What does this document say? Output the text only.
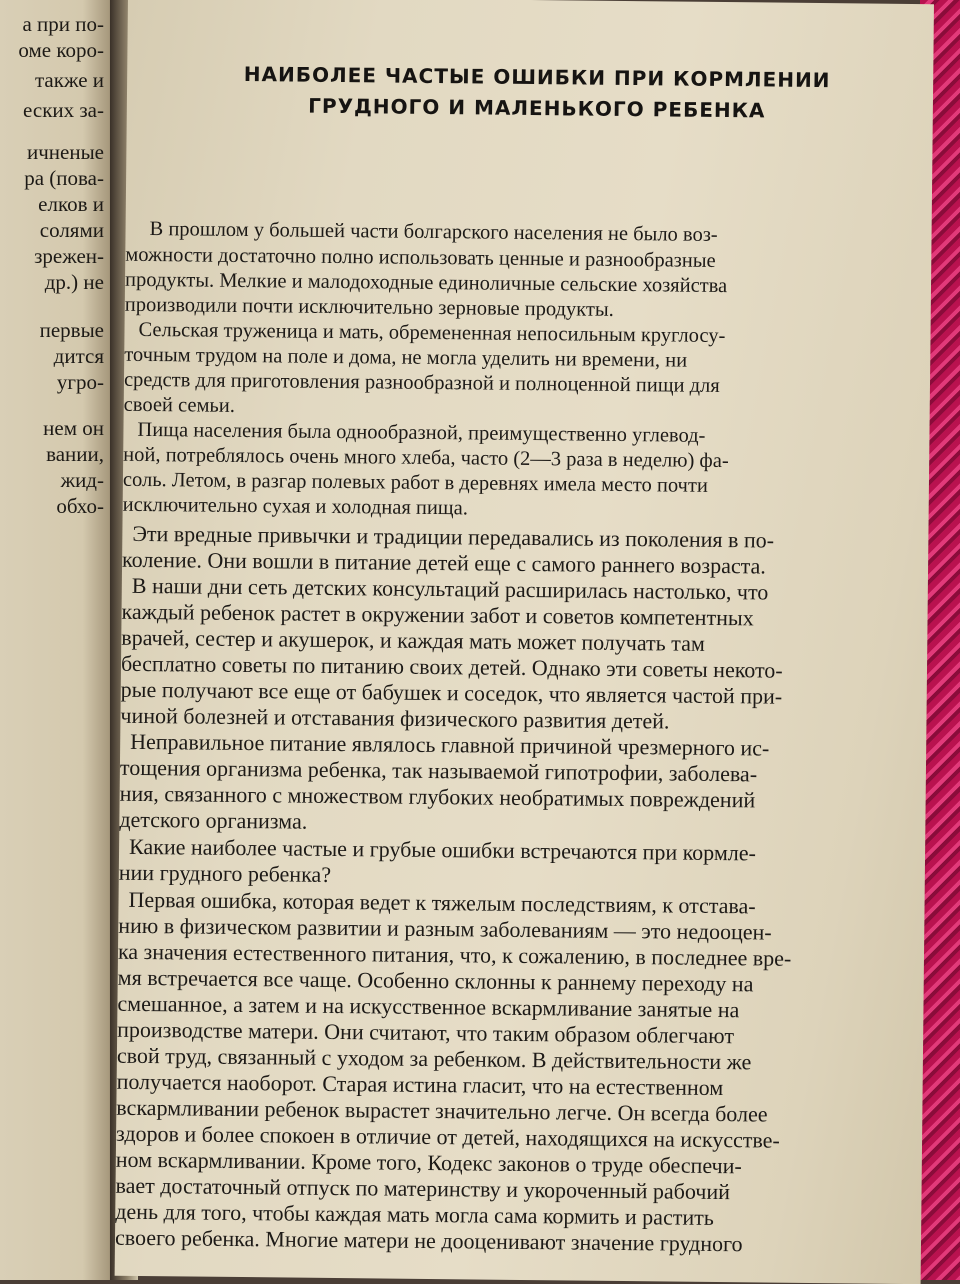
а при по-

оме коро-

также и

еских за-

ичненые

ра (пова-

елков и

солями

зрежен-

др.) не

первые

дится

угро-

нем он

вании,

жид-

обхо-

НАИБОЛЕЕ ЧАСТЫЕ ОШИБКИ ПРИ КОРМЛЕНИИ
ГРУДНОГО И МАЛЕНЬКОГО РЕБЕНКА

В прошлом у большей части болгарского населения не было воз-

можности достаточно полно использовать ценные и разнообразные

продукты. Мелкие и малодоходные единоличные сельские хозяйства

производили почти исключительно зерновые продукты.

Сельская труженица и мать, обремененная непосильным круглосу-

точным трудом на поле и дома, не могла уделить ни времени, ни

средств для приготовления разнообразной и полноценной пищи для

своей семьи.

Пища населения была однообразной, преимущественно углевод-

ной, потреблялось очень много хлеба, часто (2—3 раза в неделю) фа-

соль. Летом, в разгар полевых работ в деревнях имела место почти

исключительно сухая и холодная пища.

Эти вредные привычки и традиции передавались из поколения в по-

коление. Они вошли в питание детей еще с самого раннего возраста.

В наши дни сеть детских консультаций расширилась настолько, что

каждый ребенок растет в окружении забот и советов компетентных

врачей, сестер и акушерок, и каждая мать может получать там

бесплатно советы по питанию своих детей. Однако эти советы некото-

рые получают все еще от бабушек и соседок, что является частой при-

чиной болезней и отставания физического развития детей.

Неправильное питание являлось главной причиной чрезмерного ис-

тощения организма ребенка, так называемой гипотрофии, заболева-

ния, связанного с множеством глубоких необратимых повреждений

детского организма.

Какие наиболее частые и грубые ошибки встречаются при кормле-

нии грудного ребенка?

Первая ошибка, которая ведет к тяжелым последствиям, к отстава-

нию в физическом развитии и разным заболеваниям — это недооцен-

ка значения естественного питания, что, к сожалению, в последнее вре-

мя встречается все чаще. Особенно склонны к раннему переходу на

смешанное, а затем и на искусственное вскармливание занятые на

производстве матери. Они считают, что таким образом облегчают

свой труд, связанный с уходом за ребенком. В действительности же

получается наоборот. Старая истина гласит, что на естественном

вскармливании ребенок вырастет значительно легче. Он всегда более

здоров и более спокоен в отличие от детей, находящихся на искусстве-

ном вскармливании. Кроме того, Кодекс законов о труде обеспечи-

вает достаточный отпуск по материнству и укороченный рабочий

день для того, чтобы каждая мать могла сама кормить и растить

своего ребенка. Многие матери не дооценивают значение грудного
